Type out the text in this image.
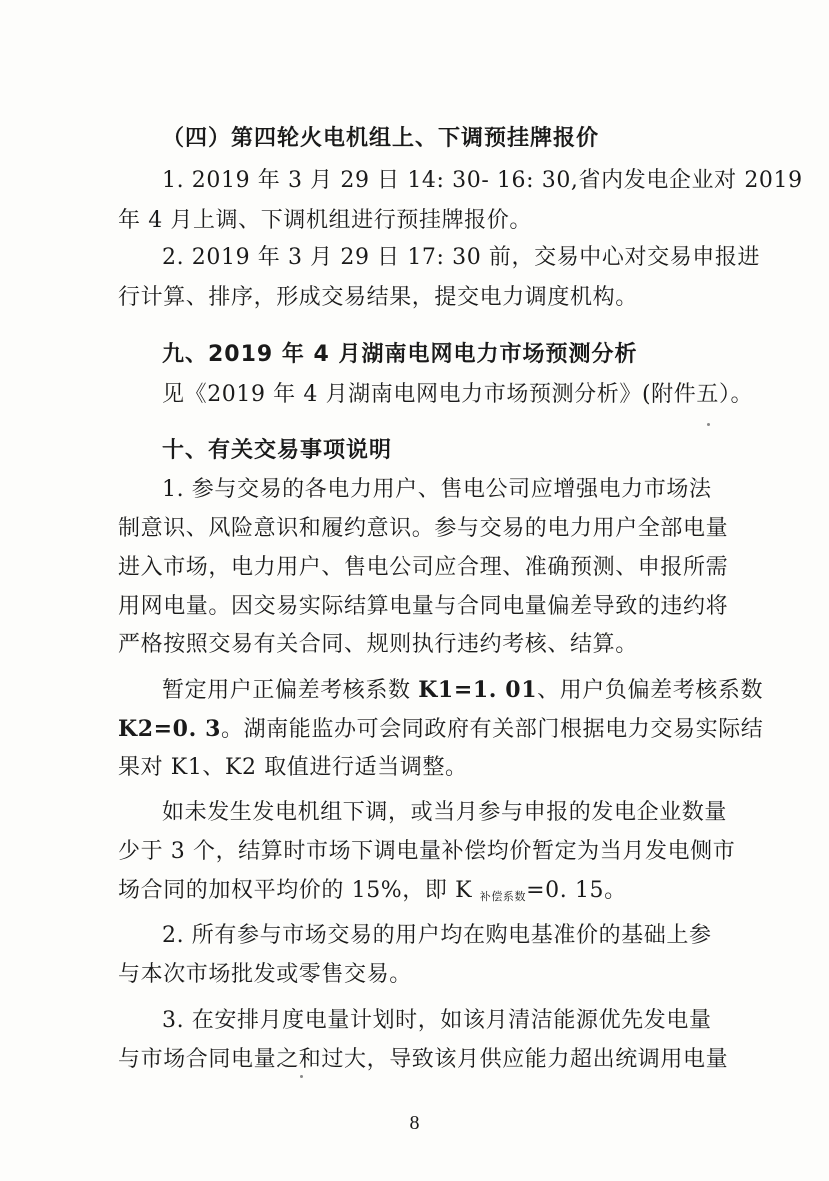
（四）第四轮火电机组上、下调预挂牌报价
1. 2019 年 3 月 29 日 14: 30- 16: 30,省内发电企业对 2019
年 4 月上调、下调机组进行预挂牌报价。
2. 2019 年 3 月 29 日 17: 30 前，交易中心对交易申报进
行计算、排序，形成交易结果，提交电力调度机构。
九、2019 年 4 月湖南电网电力市场预测分析
见《2019 年 4 月湖南电网电力市场预测分析》(附件五）。
十、有关交易事项说明
1. 参与交易的各电力用户、售电公司应增强电力市场法
制意识、风险意识和履约意识。参与交易的电力用户全部电量
进入市场，电力用户、售电公司应合理、准确预测、申报所需
用网电量。因交易实际结算电量与合同电量偏差导致的违约将
严格按照交易有关合同、规则执行违约考核、结算。
暂定用户正偏差考核系数 K1=1. 01、用户负偏差考核系数
K2=0. 3。湖南能监办可会同政府有关部门根据电力交易实际结
果对 K1、K2 取值进行适当调整。
如未发生发电机组下调，或当月参与申报的发电企业数量
少于 3 个，结算时市场下调电量补偿均价暂定为当月发电侧市
场合同的加权平均价的 15%，即 K $_{补偿系数}$=0. 15。
2. 所有参与市场交易的用户均在购电基准价的基础上参
与本次市场批发或零售交易。
3. 在安排月度电量计划时，如该月清洁能源优先发电量
与市场合同电量之和过大，导致该月供应能力超出统调用电量
8
